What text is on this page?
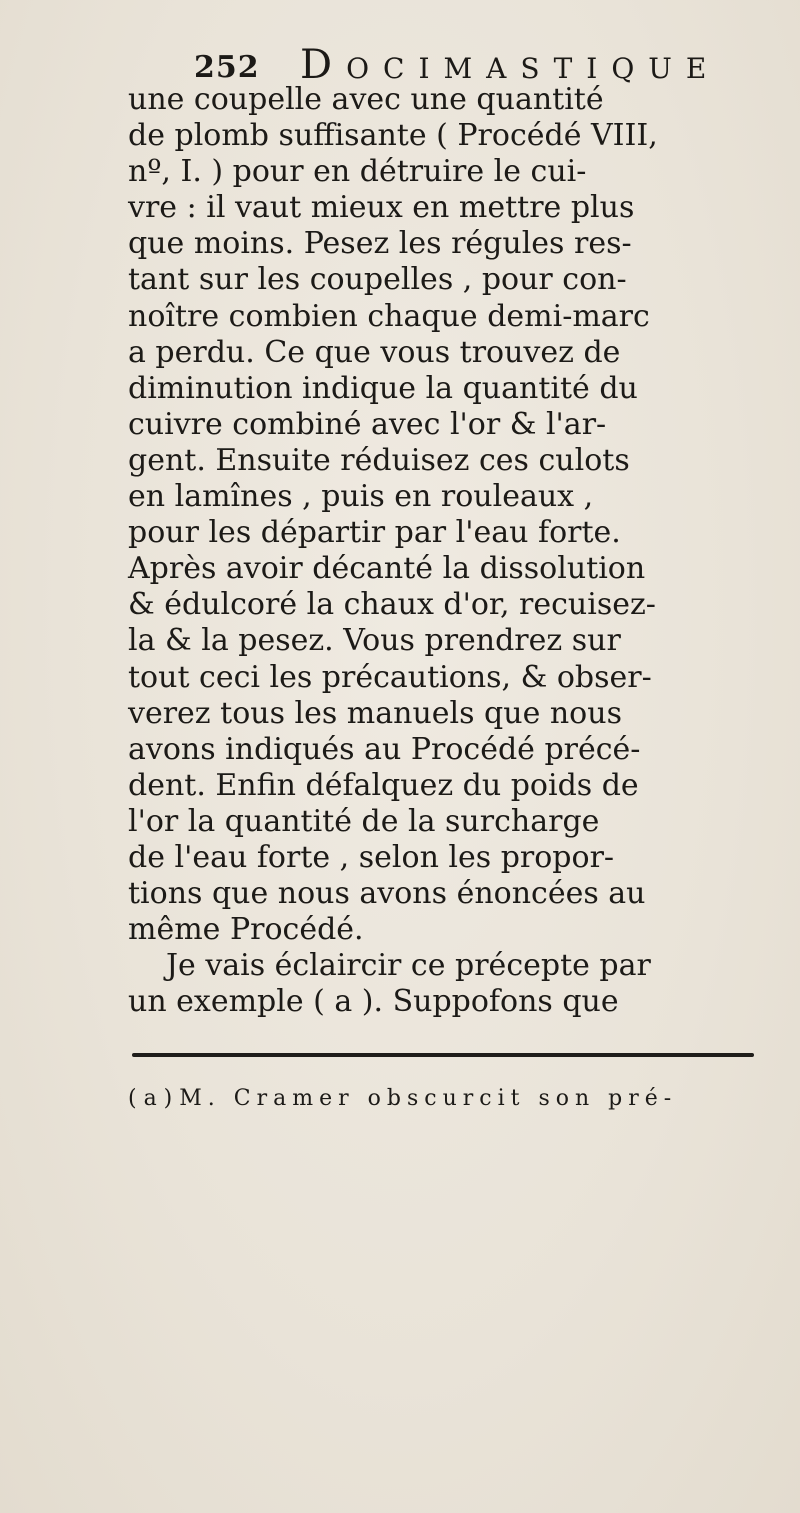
252 Docimastique
une coupelle avec une quantité
de plomb suffisante ( Procédé VIII,
nº, I. ) pour en détruire le cui-
vre : il vaut mieux en mettre plus
que moins. Pesez les régules res-
tant sur les coupelles , pour con-
noître combien chaque demi-marc
a perdu. Ce que vous trouvez de
diminution indique la quantité du
cuivre combiné avec l'or & l'ar-
gent. Ensuite réduisez ces culots
en lamînes , puis en rouleaux ,
pour les départir par l'eau forte.
Après avoir décanté la dissolution
& édulcoré la chaux d'or, recuisez-
la & la pesez. Vous prendrez sur
tout ceci les précautions, & obser-
verez tous les manuels que nous
avons indiqués au Procédé précé-
dent. Enfin défalquez du poids de
l'or la quantité de la surcharge
de l'eau forte , selon les propor-
tions que nous avons énoncées au
même Procédé.
Je vais éclaircir ce précepte par
un exemple ( a ). Suppofons que
( a ) M. Cramer obscurcit son pré-
